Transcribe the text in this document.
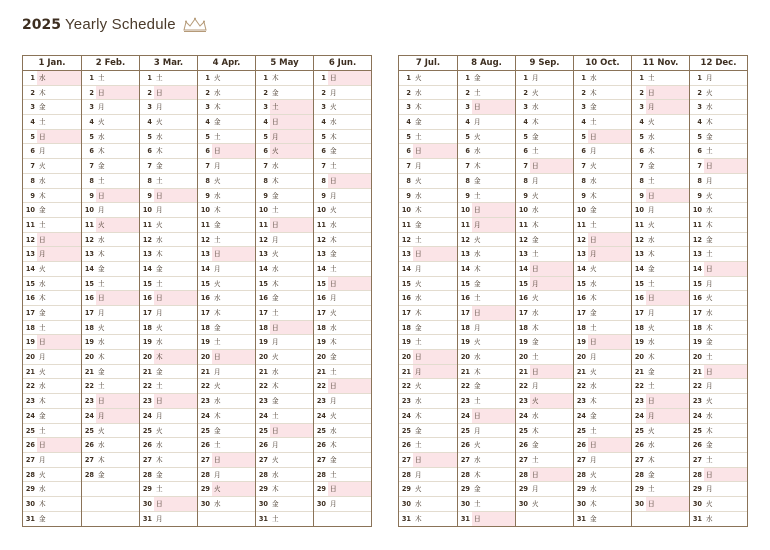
2025 Yearly Schedule
1 Jan.
1 水
2 木
3 金
4 土
5 日
6 月
7 火
8 水
9 木
10 金
11 土
12 日
13 月
14 火
15 水
16 木
17 金
18 土
19 日
20 月
21 火
22 水
23 木
24 金
25 土
26 日
27 月
28 火
29 水
30 木
31 金
2 Feb.
1 土
2 日
3 月
4 火
5 水
6 木
7 金
8 土
9 日
10 月
11 火
12 水
13 木
14 金
15 土
16 日
17 月
18 火
19 水
20 木
21 金
22 土
23 日
24 月
25 火
26 水
27 木
28 金
3 Mar.
1 土
2 日
3 月
4 火
5 水
6 木
7 金
8 土
9 日
10 月
11 火
12 水
13 木
14 金
15 土
16 日
17 月
18 火
19 水
20 木
21 金
22 土
23 日
24 月
25 火
26 水
27 木
28 金
29 土
30 日
31 月
4 Apr.
1 火
2 水
3 木
4 金
5 土
6 日
7 月
8 火
9 水
10 木
11 金
12 土
13 日
14 月
15 火
16 水
17 木
18 金
19 土
20 日
21 月
22 火
23 水
24 木
25 金
26 土
27 日
28 月
29 火
30 水
5 May
1 木
2 金
3 土
4 日
5 月
6 火
7 水
8 木
9 金
10 土
11 日
12 月
13 火
14 水
15 木
16 金
17 土
18 日
19 月
20 火
21 水
22 木
23 金
24 土
25 日
26 月
27 火
28 水
29 木
30 金
31 土
6 Jun.
1 日
2 月
3 火
4 水
5 木
6 金
7 土
8 日
9 月
10 火
11 水
12 木
13 金
14 土
15 日
16 月
17 火
18 水
19 木
20 金
21 土
22 日
23 月
24 火
25 水
26 木
27 金
28 土
29 日
30 月
7 Jul.
1 火
2 水
3 木
4 金
5 土
6 日
7 月
8 火
9 水
10 木
11 金
12 土
13 日
14 月
15 火
16 水
17 木
18 金
19 土
20 日
21 月
22 火
23 水
24 木
25 金
26 土
27 日
28 月
29 火
30 水
31 木
8 Aug.
1 金
2 土
3 日
4 月
5 火
6 水
7 木
8 金
9 土
10 日
11 月
12 火
13 水
14 木
15 金
16 土
17 日
18 月
19 火
20 水
21 木
22 金
23 土
24 日
25 月
26 火
27 水
28 木
29 金
30 土
31 日
9 Sep.
1 月
2 火
3 水
4 木
5 金
6 土
7 日
8 月
9 火
10 水
11 木
12 金
13 土
14 日
15 月
16 火
17 水
18 木
19 金
20 土
21 日
22 月
23 火
24 水
25 木
26 金
27 土
28 日
29 月
30 火
10 Oct.
1 水
2 木
3 金
4 土
5 日
6 月
7 火
8 水
9 木
10 金
11 土
12 日
13 月
14 火
15 水
16 木
17 金
18 土
19 日
20 月
21 火
22 水
23 木
24 金
25 土
26 日
27 月
28 火
29 水
30 木
31 金
11 Nov.
1 土
2 日
3 月
4 火
5 水
6 木
7 金
8 土
9 日
10 月
11 火
12 水
13 木
14 金
15 土
16 日
17 月
18 火
19 水
20 木
21 金
22 土
23 日
24 月
25 火
26 水
27 木
28 金
29 土
30 日
12 Dec.
1 月
2 火
3 水
4 木
5 金
6 土
7 日
8 月
9 火
10 水
11 木
12 金
13 土
14 日
15 月
16 火
17 水
18 木
19 金
20 土
21 日
22 月
23 火
24 水
25 木
26 金
27 土
28 日
29 月
30 火
31 水
